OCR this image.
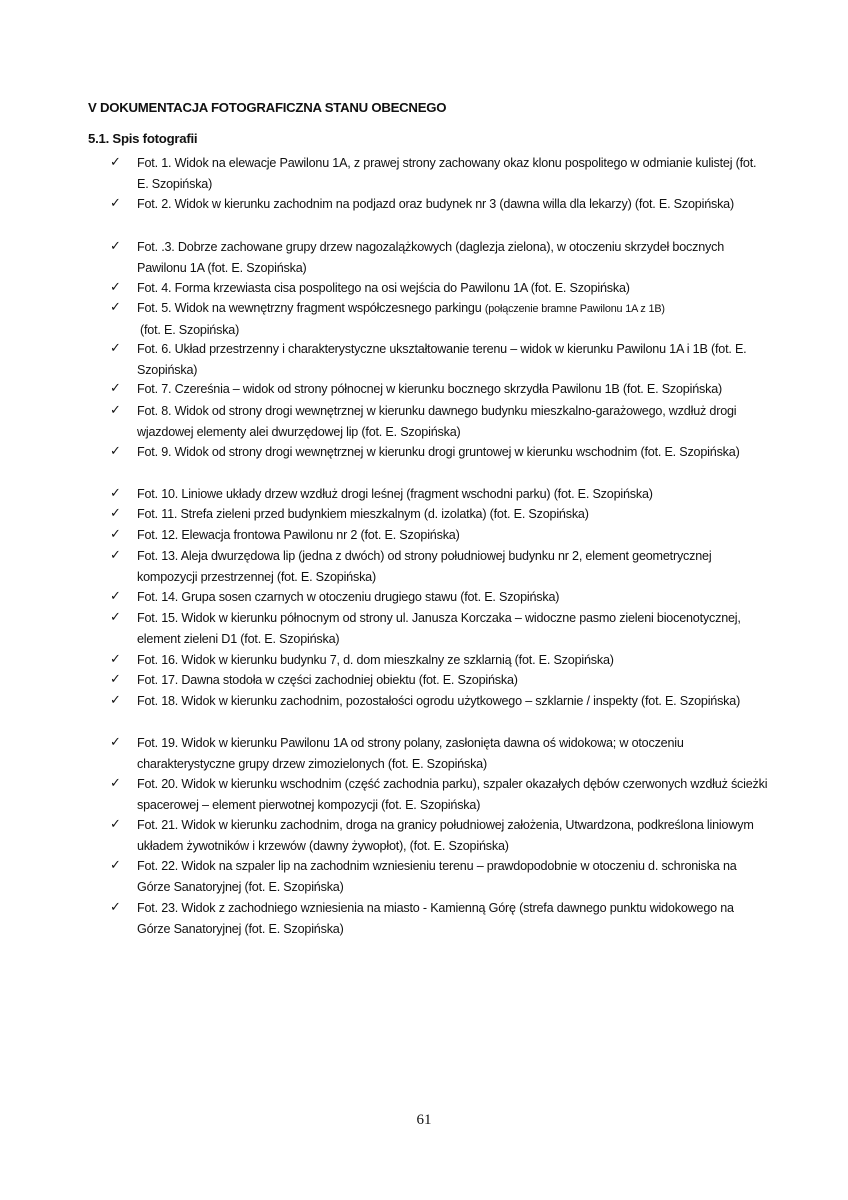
V DOKUMENTACJA FOTOGRAFICZNA STANU OBECNEGO
5.1. Spis fotografii
✓	Fot. 1. Widok na elewacje Pawilonu 1A, z prawej strony zachowany okaz klonu pospolitego w odmianie kulistej (fot. E. Szopińska)
✓	Fot. 2. Widok w kierunku zachodnim na podjazd oraz budynek nr 3 (dawna willa dla lekarzy) (fot. E. Szopińska)
✓	Fot. .3. Dobrze zachowane grupy drzew nagozalążkowych (daglezja zielona), w otoczeniu skrzydeł bocznych Pawilonu 1A (fot. E. Szopińska)
✓	Fot. 4. Forma krzewiasta cisa pospolitego na osi wejścia do Pawilonu 1A (fot. E. Szopińska)
✓	Fot. 5. Widok na wewnętrzny fragment współczesnego parkingu (połączenie bramne Pawilonu 1A z 1B)
(fot. E. Szopińska)
✓	Fot. 6. Układ przestrzenny i charakterystyczne ukształtowanie terenu – widok w kierunku Pawilonu 1A i 1B (fot. E. Szopińska)
✓	Fot. 7. Czereśnia – widok od strony północnej w kierunku bocznego skrzydła Pawilonu 1B (fot. E. Szopińska)
✓	Fot. 8. Widok od strony drogi wewnętrznej w kierunku dawnego budynku mieszkalno-garażowego, wzdłuż drogi wjazdowej elementy alei dwurzędowej lip (fot. E. Szopińska)
✓	Fot. 9. Widok od strony drogi wewnętrznej w kierunku drogi gruntowej w kierunku wschodnim (fot. E. Szopińska)
✓	Fot. 10. Liniowe układy drzew wzdłuż drogi leśnej (fragment wschodni parku) (fot. E. Szopińska)
✓	Fot. 11. Strefa zieleni przed budynkiem mieszkalnym (d. izolatka) (fot. E. Szopińska)
✓	Fot. 12. Elewacja frontowa Pawilonu nr 2 (fot. E. Szopińska)
✓	Fot. 13. Aleja dwurzędowa lip (jedna z dwóch) od strony południowej budynku nr 2, element geometrycznej kompozycji przestrzennej (fot. E. Szopińska)
✓	Fot. 14. Grupa sosen czarnych w otoczeniu drugiego stawu (fot. E. Szopińska)
✓	Fot. 15. Widok w kierunku północnym od strony ul. Janusza Korczaka – widoczne pasmo zieleni biocenotycznej, element zieleni D1 (fot. E. Szopińska)
✓	Fot. 16. Widok w kierunku budynku 7, d. dom mieszkalny ze szklarnią (fot. E. Szopińska)
✓	Fot. 17. Dawna stodoła w części zachodniej obiektu (fot. E. Szopińska)
✓	Fot. 18. Widok w kierunku zachodnim, pozostałości ogrodu użytkowego – szklarnie / inspekty (fot. E. Szopińska)
✓	Fot. 19. Widok w kierunku Pawilonu 1A od strony polany, zasłonięta dawna oś widokowa; w otoczeniu charakterystyczne grupy drzew zimozielonych (fot. E. Szopińska)
✓	Fot. 20. Widok w kierunku wschodnim (część zachodnia parku), szpaler okazałych dębów czerwonych wzdłuż ścieżki spacerowej – element pierwotnej kompozycji (fot. E. Szopińska)
✓	Fot. 21. Widok w kierunku zachodnim, droga na granicy południowej założenia, Utwardzona, podkreślona liniowym układem żywotników i krzewów (dawny żywopłot), (fot. E. Szopińska)
✓	Fot. 22. Widok na szpaler lip na zachodnim wzniesieniu terenu – prawdopodobnie w otoczeniu d. schroniska na Górze Sanatoryjnej (fot. E. Szopińska)
✓	Fot. 23. Widok z zachodniego wzniesienia na miasto - Kamienną Górę (strefa dawnego punktu widokowego na Górze Sanatoryjnej (fot. E. Szopińska)
61
